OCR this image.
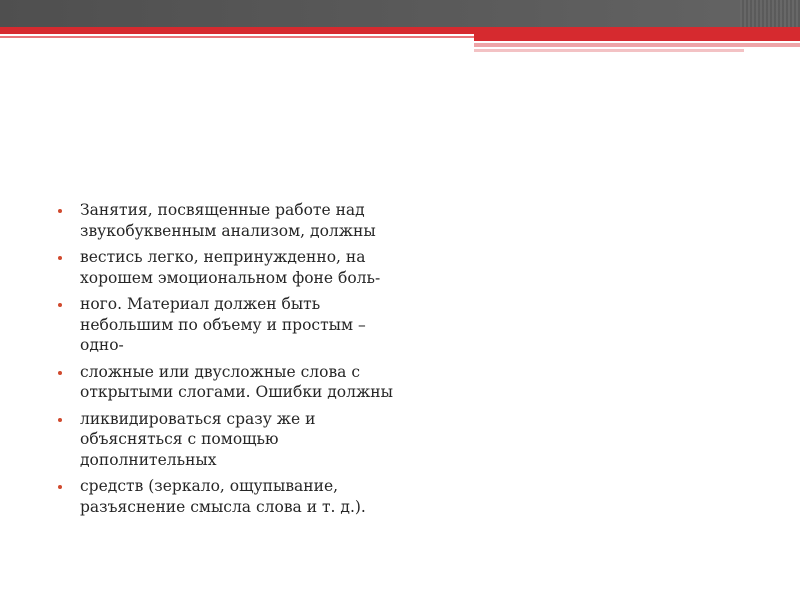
Занятия, посвященные работе над звукобуквенным анализом, должны
вестись легко, непринужденно, на хорошем эмоциональном фоне боль-
ного. Материал должен быть небольшим по объему и простым – одно-
сложные или двусложные слова с открытыми слогами. Ошибки должны
ликвидироваться сразу же и объясняться с помощью дополнительных
средств (зеркало, ощупывание, разъяснение смысла слова и т. д.).
